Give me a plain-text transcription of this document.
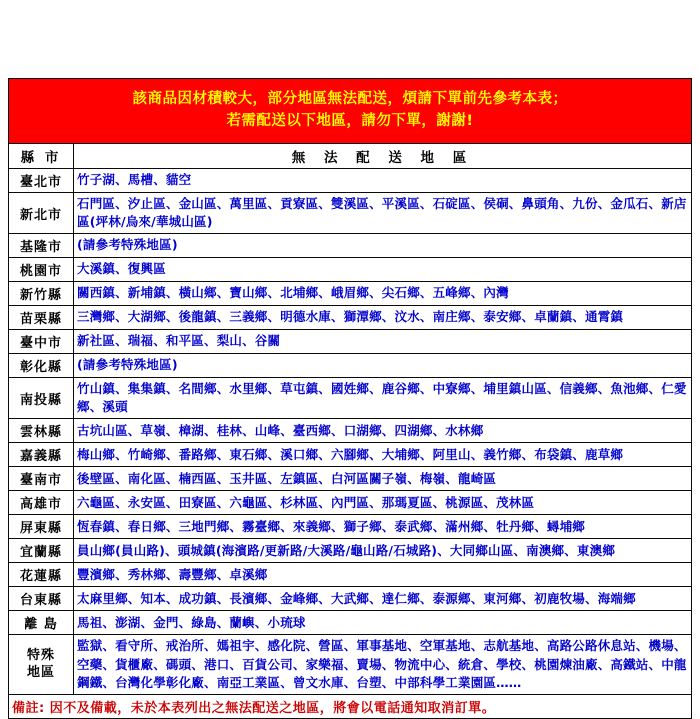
該商品因材積較大，部分地區無法配送，煩請下單前先參考本表；
若需配送以下地區，請勿下單，謝謝!
縣 市	無 法 配 送 地 區
臺北市	竹子湖、馬槽、貓空
新北市	石門區、汐止區、金山區、萬里區、貢寮區、雙溪區、平溪區、石碇區、侯硐、鼻頭角、九份、金瓜石、新店區(坪林/烏來/華城山區)
基隆市	(請參考特殊地區)
桃園市	大溪鎮、復興區
新竹縣	關西鎮、新埔鎮、橫山鄉、寶山鄉、北埔鄉、峨眉鄉、尖石鄉、五峰鄉、內灣
苗栗縣	三灣鄉、大湖鄉、後龍鎮、三義鄉、明德水庫、獅潭鄉、汶水、南庄鄉、泰安鄉、卓蘭鎮、通霄鎮
臺中市	新社區、瑞福、和平區、梨山、谷關
彰化縣	(請參考特殊地區)
南投縣	竹山鎮、集集鎮、名間鄉、水里鄉、草屯鎮、國姓鄉、鹿谷鄉、中寮鄉、埔里鎮山區、信義鄉、魚池鄉、仁愛鄉、溪頭
雲林縣	古坑山區、草嶺、樟湖、桂林、山峰、臺西鄉、口湖鄉、四湖鄉、水林鄉
嘉義縣	梅山鄉、竹崎鄉、番路鄉、東石鄉、溪口鄉、六腳鄉、大埔鄉、阿里山、義竹鄉、布袋鎮、鹿草鄉
臺南市	後壁區、南化區、楠西區、玉井區、左鎮區、白河區關子嶺、梅嶺、龍崎區
高雄市	六龜區、永安區、田寮區、六龜區、杉林區、內門區、那瑪夏區、桃源區、茂林區
屏東縣	恆春鎮、春日鄉、三地門鄉、霧臺鄉、來義鄉、獅子鄉、泰武鄉、滿州鄉、牡丹鄉、蟳埔鄉
宜蘭縣	員山鄉(員山路)、頭城鎮(海濱路/更新路/大溪路/龜山路/石城路)、大同鄉山區、南澳鄉、東澳鄉
花蓮縣	豐濱鄉、秀林鄉、壽豐鄉、卓溪鄉
台東縣	太麻里鄉、知本、成功鎮、長濱鄉、金峰鄉、大武鄉、達仁鄉、泰源鄉、東河鄉、初鹿牧場、海端鄉
離 島	馬祖、澎湖、金門、綠島、蘭嶼、小琉球

特殊
地區	監獄、看守所、戒治所、媽祖宇、感化院、營區、軍事基地、空軍基地、志航基地、高路公路休息站、機場、空藥、貨櫃廠、碼頭、港口、百貨公司、家樂福、賣場、物流中心、統倉、學校、桃園煉油廠、高鐵站、中龍鋼鐵、台灣化學彰化廠、南亞工業區、曾文水庫、台塑、中部科學工業園區……
備註: 因不及備載，未於本表列出之無法配送之地區，將會以電話通知取消訂單。	
